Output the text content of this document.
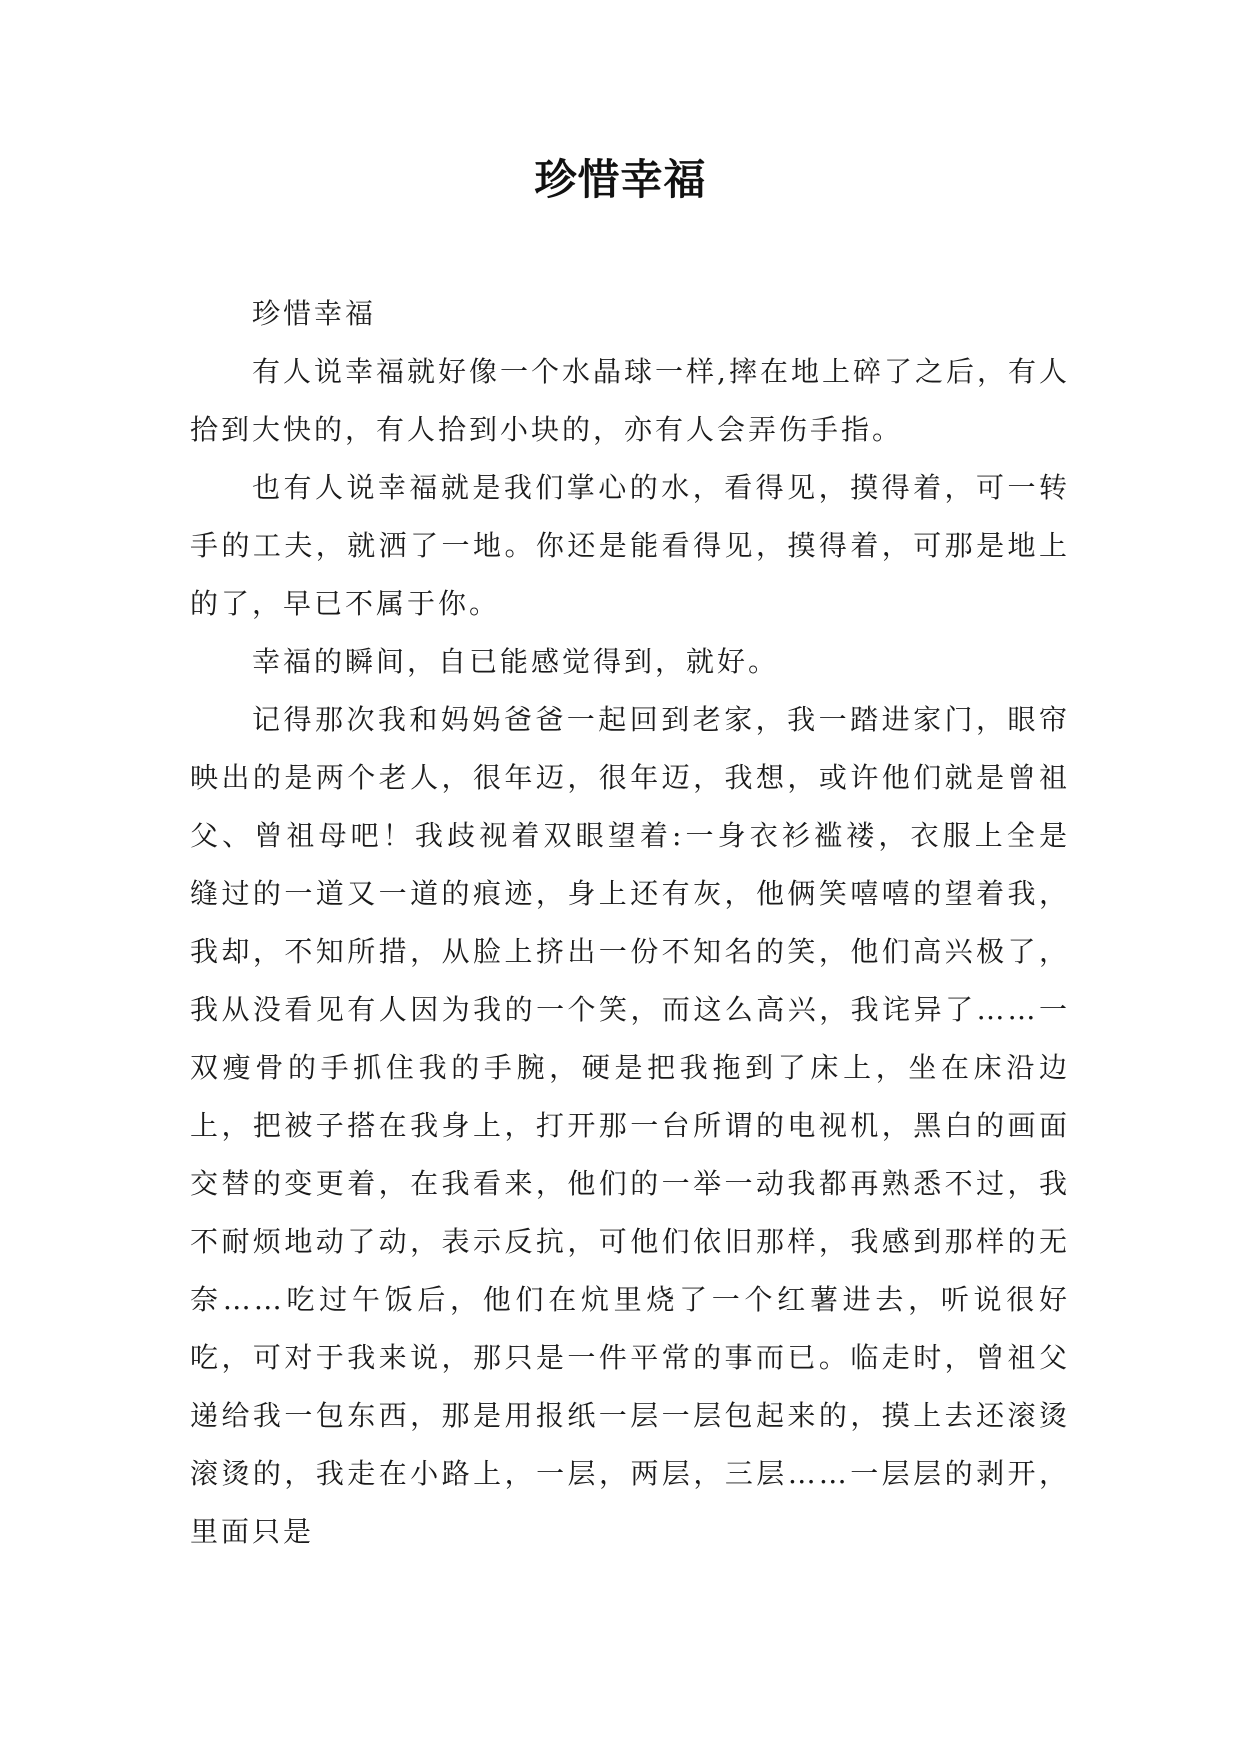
珍惜幸福

珍惜幸福

有人说幸福就好像一个水晶球一样,摔在地上碎了之后，有人拾到大快的，有人拾到小块的，亦有人会弄伤手指。

也有人说幸福就是我们掌心的水，看得见，摸得着，可一转手的工夫，就洒了一地。你还是能看得见，摸得着，可那是地上的了，早已不属于你。

幸福的瞬间，自已能感觉得到，就好。

记得那次我和妈妈爸爸一起回到老家，我一踏进家门，眼帘映出的是两个老人，很年迈，很年迈，我想，或许他们就是曾祖父、曾祖母吧！我歧视着双眼望着:一身衣衫褴褛，衣服上全是缝过的一道又一道的痕迹，身上还有灰，他俩笑嘻嘻的望着我，我却，不知所措，从脸上挤出一份不知名的笑，他们高兴极了，我从没看见有人因为我的一个笑，而这么高兴，我诧异了……一双瘦骨的手抓住我的手腕，硬是把我拖到了床上，坐在床沿边上，把被子搭在我身上，打开那一台所谓的电视机，黑白的画面交替的变更着，在我看来，他们的一举一动我都再熟悉不过，我不耐烦地动了动，表示反抗，可他们依旧那样，我感到那样的无奈……吃过午饭后，他们在炕里烧了一个红薯进去，听说很好吃，可对于我来说，那只是一件平常的事而已。临走时，曾祖父递给我一包东西，那是用报纸一层一层包起来的，摸上去还滚烫滚烫的，我走在小路上，一层，两层，三层……一层层的剥开，里面只是
